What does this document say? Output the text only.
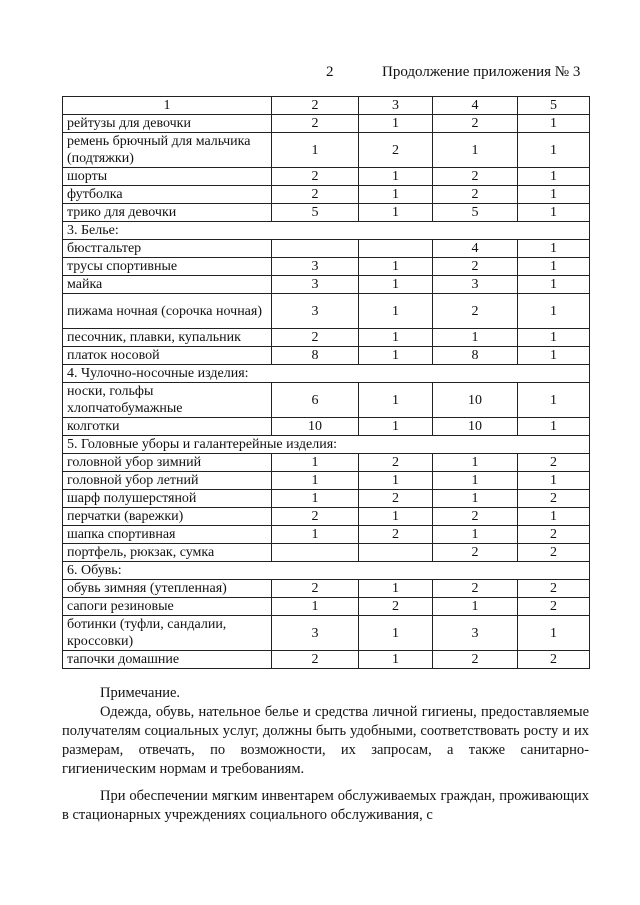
2	Продолжение приложения № 3
1	2	3	4	5
рейтузы для девочки	2	1	2	1
ремень брючный для мальчика (подтяжки)	1	2	1	1
шорты	2	1	2	1
футболка	2	1	2	1
трико для девочки	5	1	5	1
3. Белье:				
бюстгальтер			4	1
трусы спортивные	3	1	2	1
майка	3	1	3	1
пижама ночная (сорочка ночная)	3	1	2	1
песочник, плавки, купальник	2	1	1	1
платок носовой	8	1	8	1
4. Чулочно-носочные изделия:				
носки, гольфы хлопчатобумажные	6	1	10	1
колготки	10	1	10	1
5. Головные уборы и галантерейные изделия:				
головной убор зимний	1	2	1	2
головной убор летний	1	1	1	1
шарф полушерстяной	1	2	1	2
перчатки (варежки)	2	1	2	1
шапка спортивная	1	2	1	2
портфель, рюкзак, сумка			2	2
6. Обувь:				
обувь зимняя (утепленная)	2	1	2	2
сапоги резиновые	1	2	1	2
ботинки (туфли, сандалии, кроссовки)	3	1	3	1
тапочки домашние	2	1	2	2

Примечание.

Одежда, обувь, нательное белье и средства личной гигиены, предоставляемые получателям социальных услуг, должны быть удобными, соответствовать росту и их размерам, отвечать, по возможности, их запросам, а также санитарно-гигиеническим нормам и требованиям.

При обеспечении мягким инвентарем обслуживаемых граждан, проживающих в стационарных учреждениях социального обслуживания, с
